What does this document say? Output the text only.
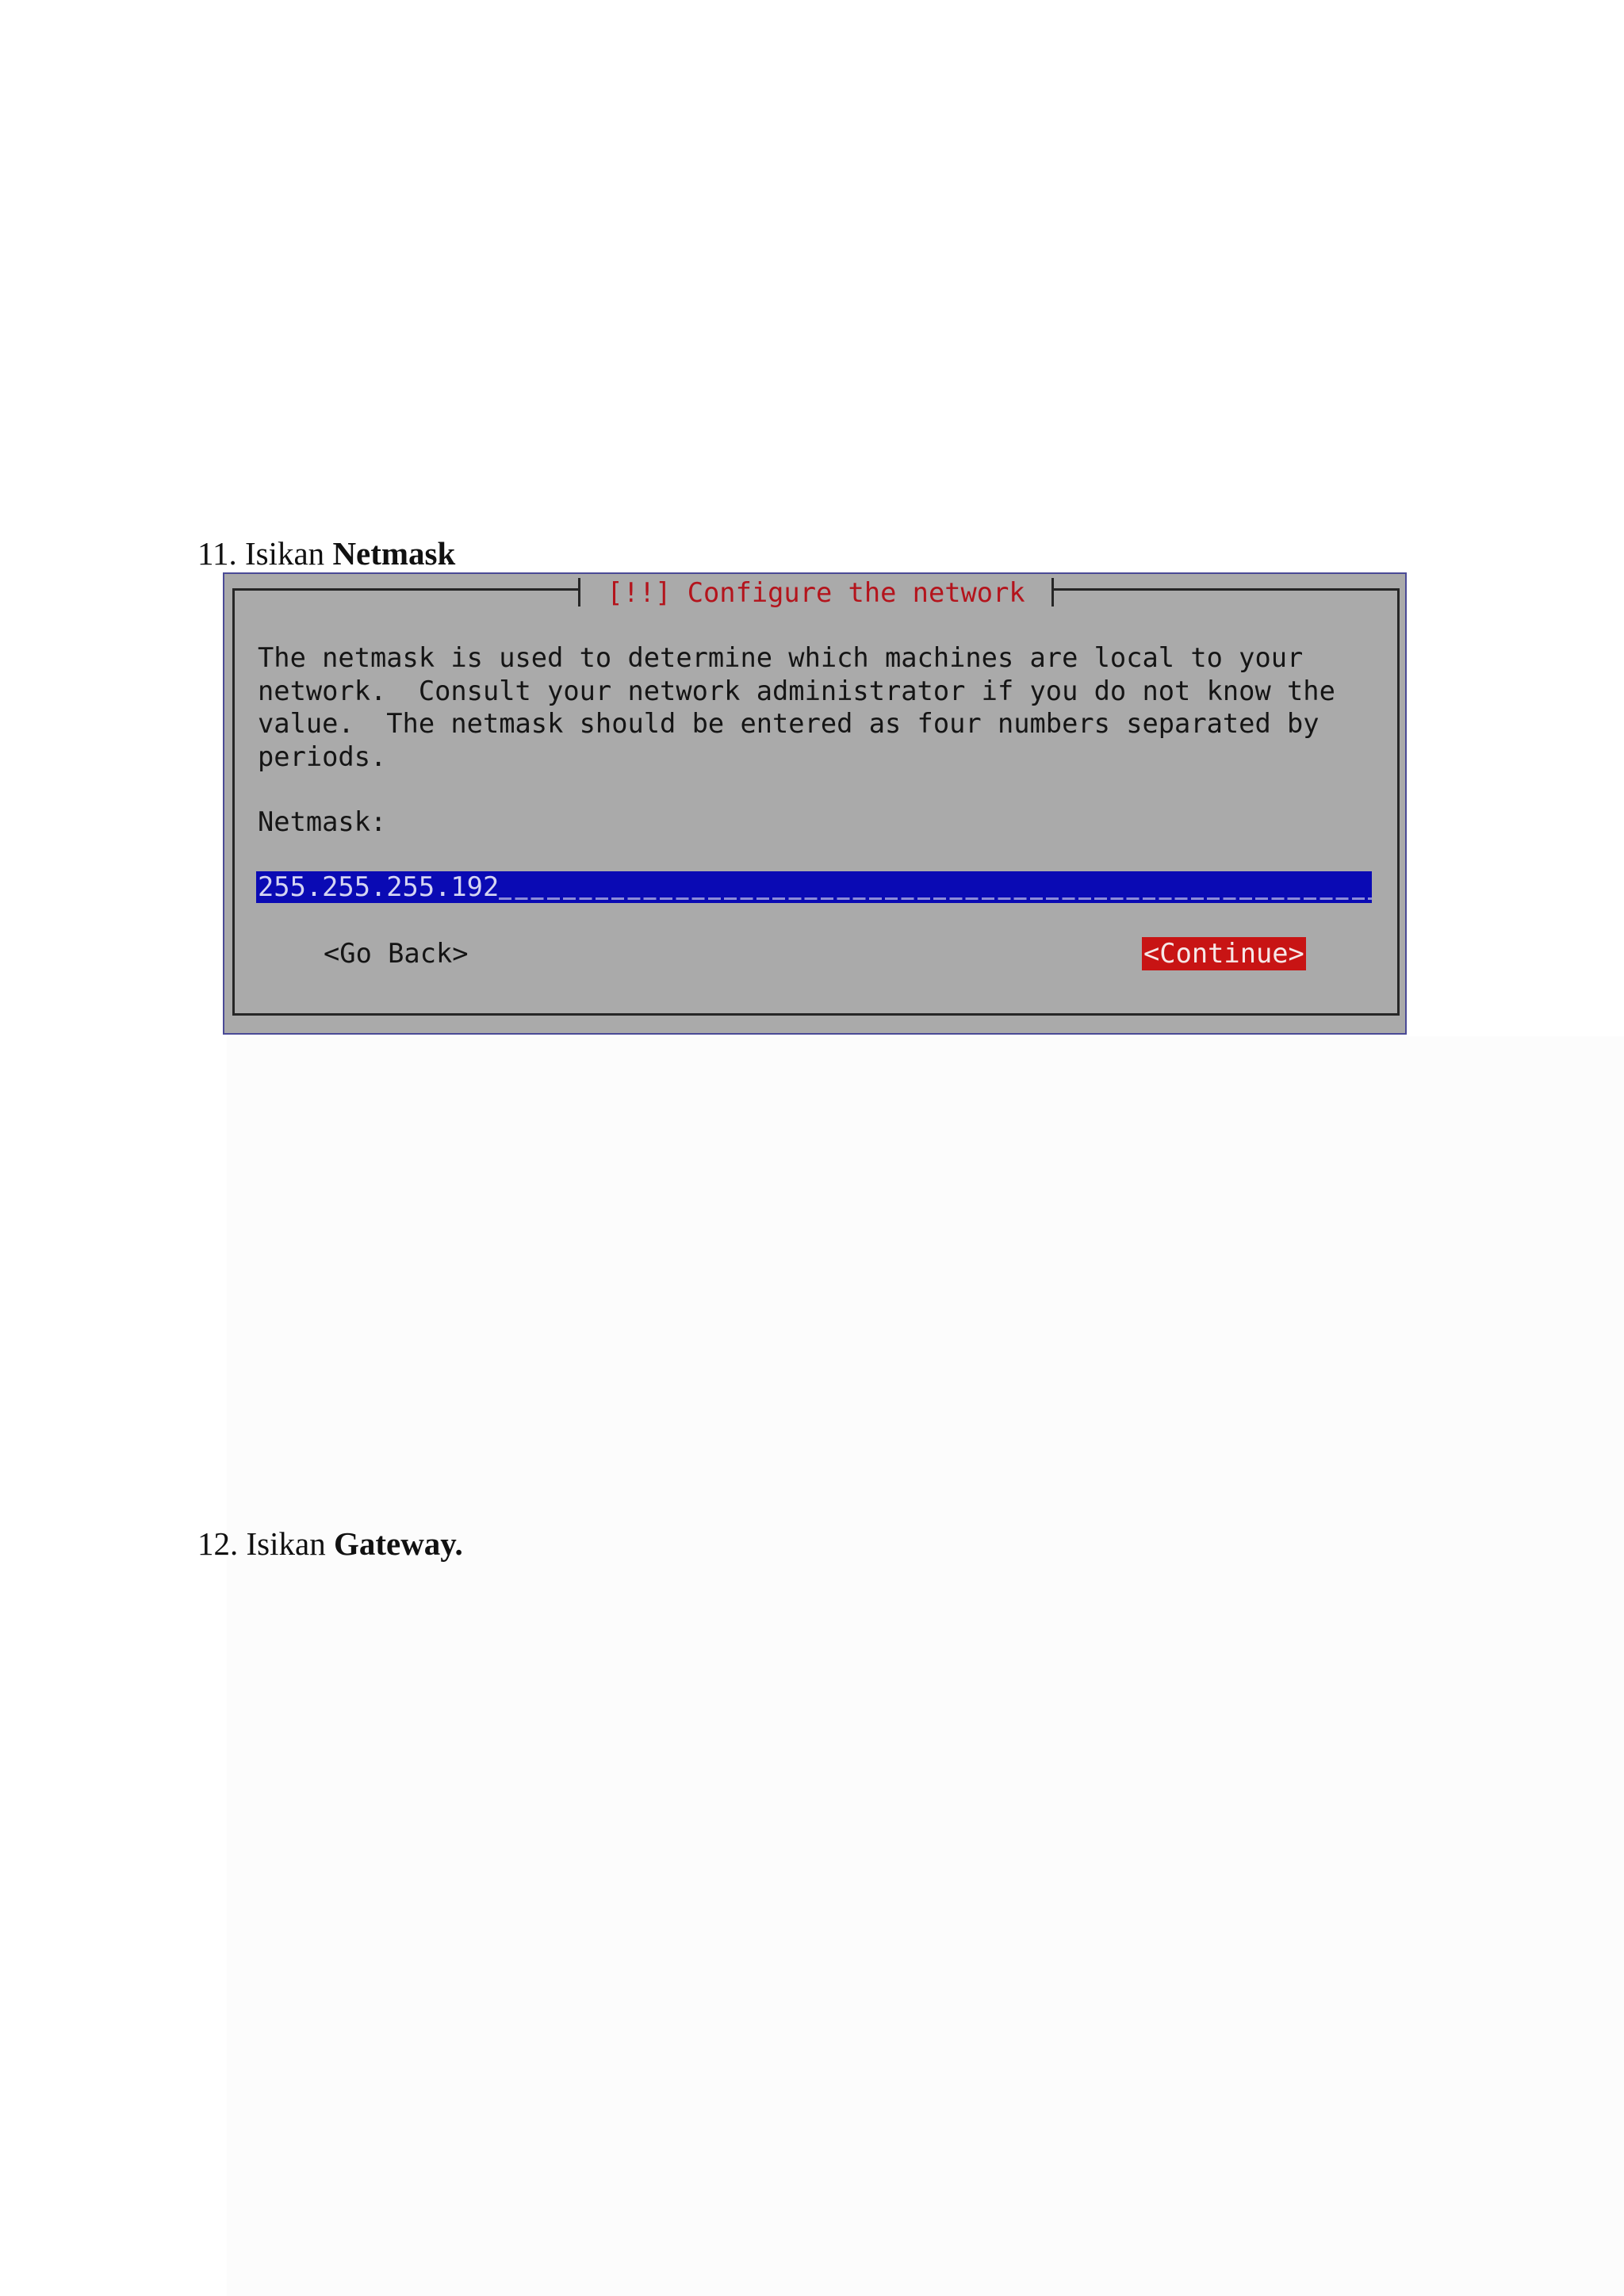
11. Isikan Netmask

[!!] Configure the network
The netmask is used to determine which machines are local to your
network.  Consult your network administrator if you do not know the
value.  The netmask should be entered as four numbers separated by
periods.
Netmask:
255.255.255.192
<Go Back>	<Continue>

12. Isikan Gateway.
